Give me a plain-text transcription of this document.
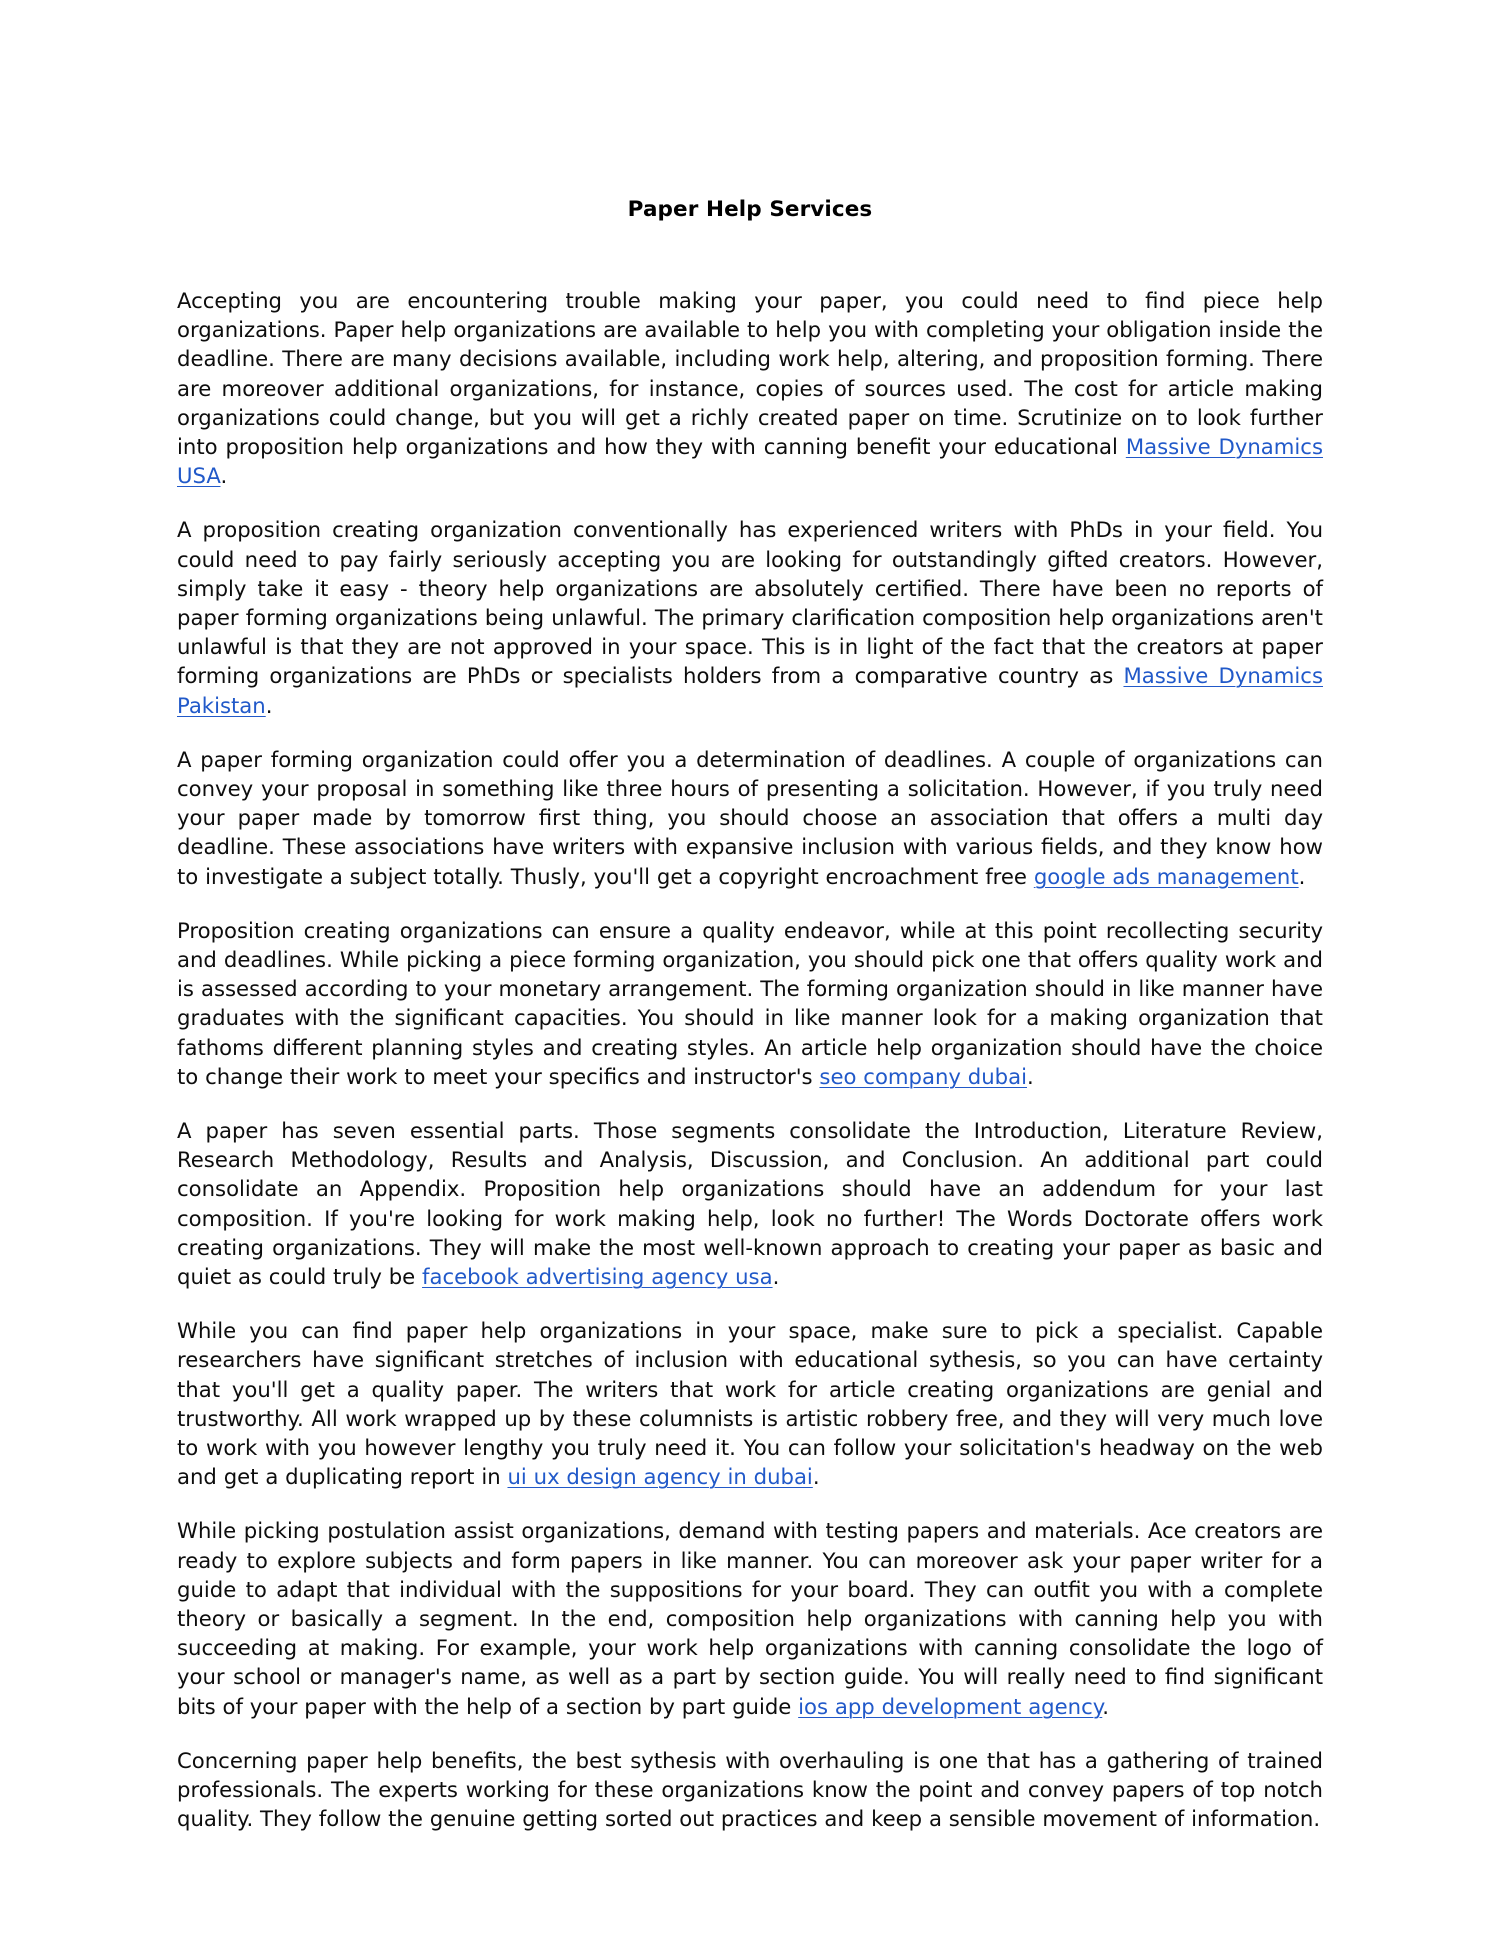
Paper Help Services

Accepting you are encountering trouble making your paper, you could need to find piece help organizations. Paper help organizations are available to help you with completing your obligation inside the deadline. There are many decisions available, including work help, altering, and proposition forming. There are moreover additional organizations, for instance, copies of sources used. The cost for article making organizations could change, but you will get a richly created paper on time. Scrutinize on to look further into proposition help organizations and how they with canning benefit your educational Massive Dynamics USA.

A proposition creating organization conventionally has experienced writers with PhDs in your field. You could need to pay fairly seriously accepting you are looking for outstandingly gifted creators. However, simply take it easy - theory help organizations are absolutely certified. There have been no reports of paper forming organizations being unlawful. The primary clarification composition help organizations aren't unlawful is that they are not approved in your space. This is in light of the fact that the creators at paper forming organizations are PhDs or specialists holders from a comparative country as Massive Dynamics Pakistan.

A paper forming organization could offer you a determination of deadlines. A couple of organizations can convey your proposal in something like three hours of presenting a solicitation. However, if you truly need your paper made by tomorrow first thing, you should choose an association that offers a multi day deadline. These associations have writers with expansive inclusion with various fields, and they know how to investigate a subject totally. Thusly, you'll get a copyright encroachment free google ads management.

Proposition creating organizations can ensure a quality endeavor, while at this point recollecting security and deadlines. While picking a piece forming organization, you should pick one that offers quality work and is assessed according to your monetary arrangement. The forming organization should in like manner have graduates with the significant capacities. You should in like manner look for a making organization that fathoms different planning styles and creating styles. An article help organization should have the choice to change their work to meet your specifics and instructor's seo company dubai.

A paper has seven essential parts. Those segments consolidate the Introduction, Literature Review, Research Methodology, Results and Analysis, Discussion, and Conclusion. An additional part could consolidate an Appendix. Proposition help organizations should have an addendum for your last composition. If you're looking for work making help, look no further! The Words Doctorate offers work creating organizations. They will make the most well-known approach to creating your paper as basic and quiet as could truly be facebook advertising agency usa.

While you can find paper help organizations in your space, make sure to pick a specialist. Capable researchers have significant stretches of inclusion with educational sythesis, so you can have certainty that you'll get a quality paper. The writers that work for article creating organizations are genial and trustworthy. All work wrapped up by these columnists is artistic robbery free, and they will very much love to work with you however lengthy you truly need it. You can follow your solicitation's headway on the web and get a duplicating report in ui ux design agency in dubai.

While picking postulation assist organizations, demand with testing papers and materials. Ace creators are ready to explore subjects and form papers in like manner. You can moreover ask your paper writer for a guide to adapt that individual with the suppositions for your board. They can outfit you with a complete theory or basically a segment. In the end, composition help organizations with canning help you with succeeding at making. For example, your work help organizations with canning consolidate the logo of your school or manager's name, as well as a part by section guide. You will really need to find significant bits of your paper with the help of a section by part guide ios app development agency.

Concerning paper help benefits, the best sythesis with overhauling is one that has a gathering of trained professionals. The experts working for these organizations know the point and convey papers of top notch quality. They follow the genuine getting sorted out practices and keep a sensible movement of information.
